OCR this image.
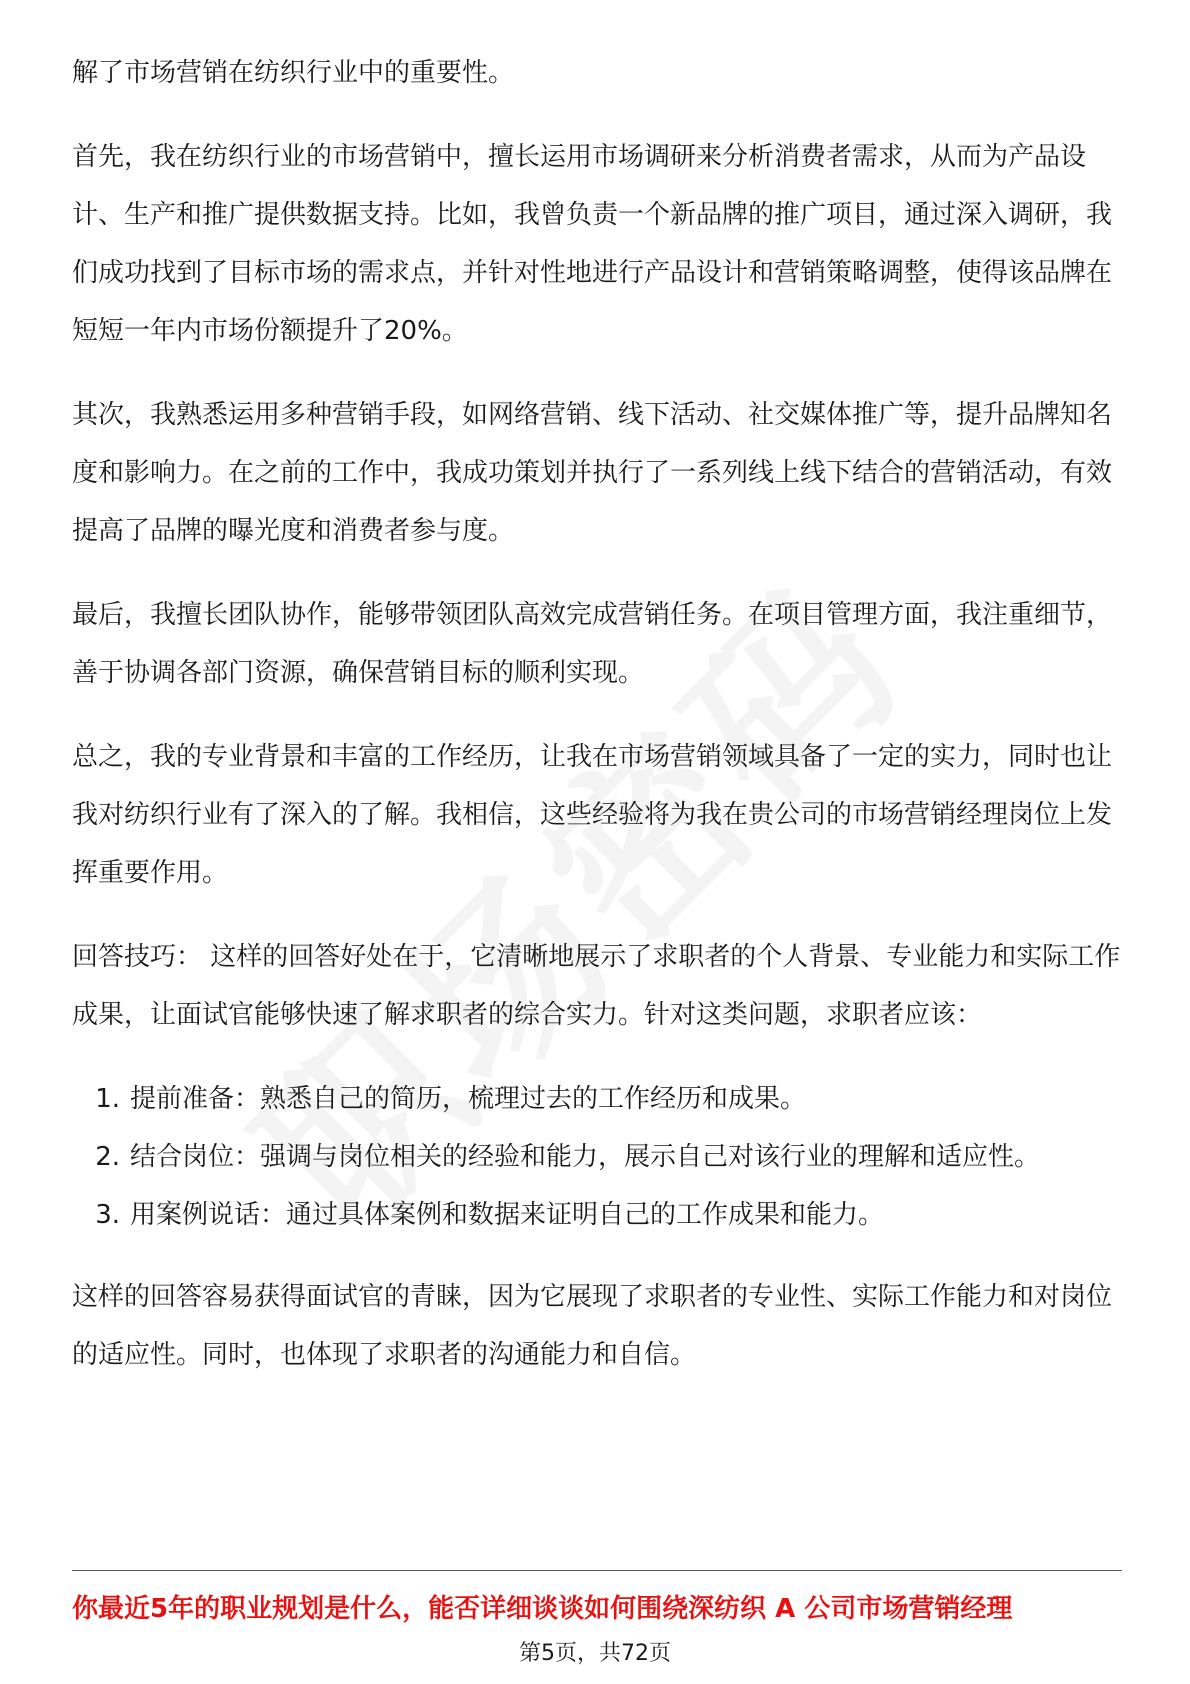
解了市场营销在纺织行业中的重要性。

首先，我在纺织行业的市场营销中，擅长运用市场调研来分析消费者需求，从而为产品设计、生产和推广提供数据支持。比如，我曾负责一个新品牌的推广项目，通过深入调研，我们成功找到了目标市场的需求点，并针对性地进行产品设计和营销策略调整，使得该品牌在短短一年内市场份额提升了20%。

其次，我熟悉运用多种营销手段，如网络营销、线下活动、社交媒体推广等，提升品牌知名度和影响力。在之前的工作中，我成功策划并执行了一系列线上线下结合的营销活动，有效提高了品牌的曝光度和消费者参与度。

最后，我擅长团队协作，能够带领团队高效完成营销任务。在项目管理方面，我注重细节，善于协调各部门资源，确保营销目标的顺利实现。

总之，我的专业背景和丰富的工作经历，让我在市场营销领域具备了一定的实力，同时也让我对纺织行业有了深入的了解。我相信，这些经验将为我在贵公司的市场营销经理岗位上发挥重要作用。

回答技巧： 这样的回答好处在于，它清晰地展示了求职者的个人背景、专业能力和实际工作成果，让面试官能够快速了解求职者的综合实力。针对这类问题，求职者应该：

1. 提前准备：熟悉自己的简历，梳理过去的工作经历和成果。
2. 结合岗位：强调与岗位相关的经验和能力，展示自己对该行业的理解和适应性。
3. 用案例说话：通过具体案例和数据来证明自己的工作成果和能力。

这样的回答容易获得面试官的青睐，因为它展现了求职者的专业性、实际工作能力和对岗位的适应性。同时，也体现了求职者的沟通能力和自信。

你最近5年的职业规划是什么，能否详细谈谈如何围绕深纺织 A 公司市场营销经理
第5页，共72页
